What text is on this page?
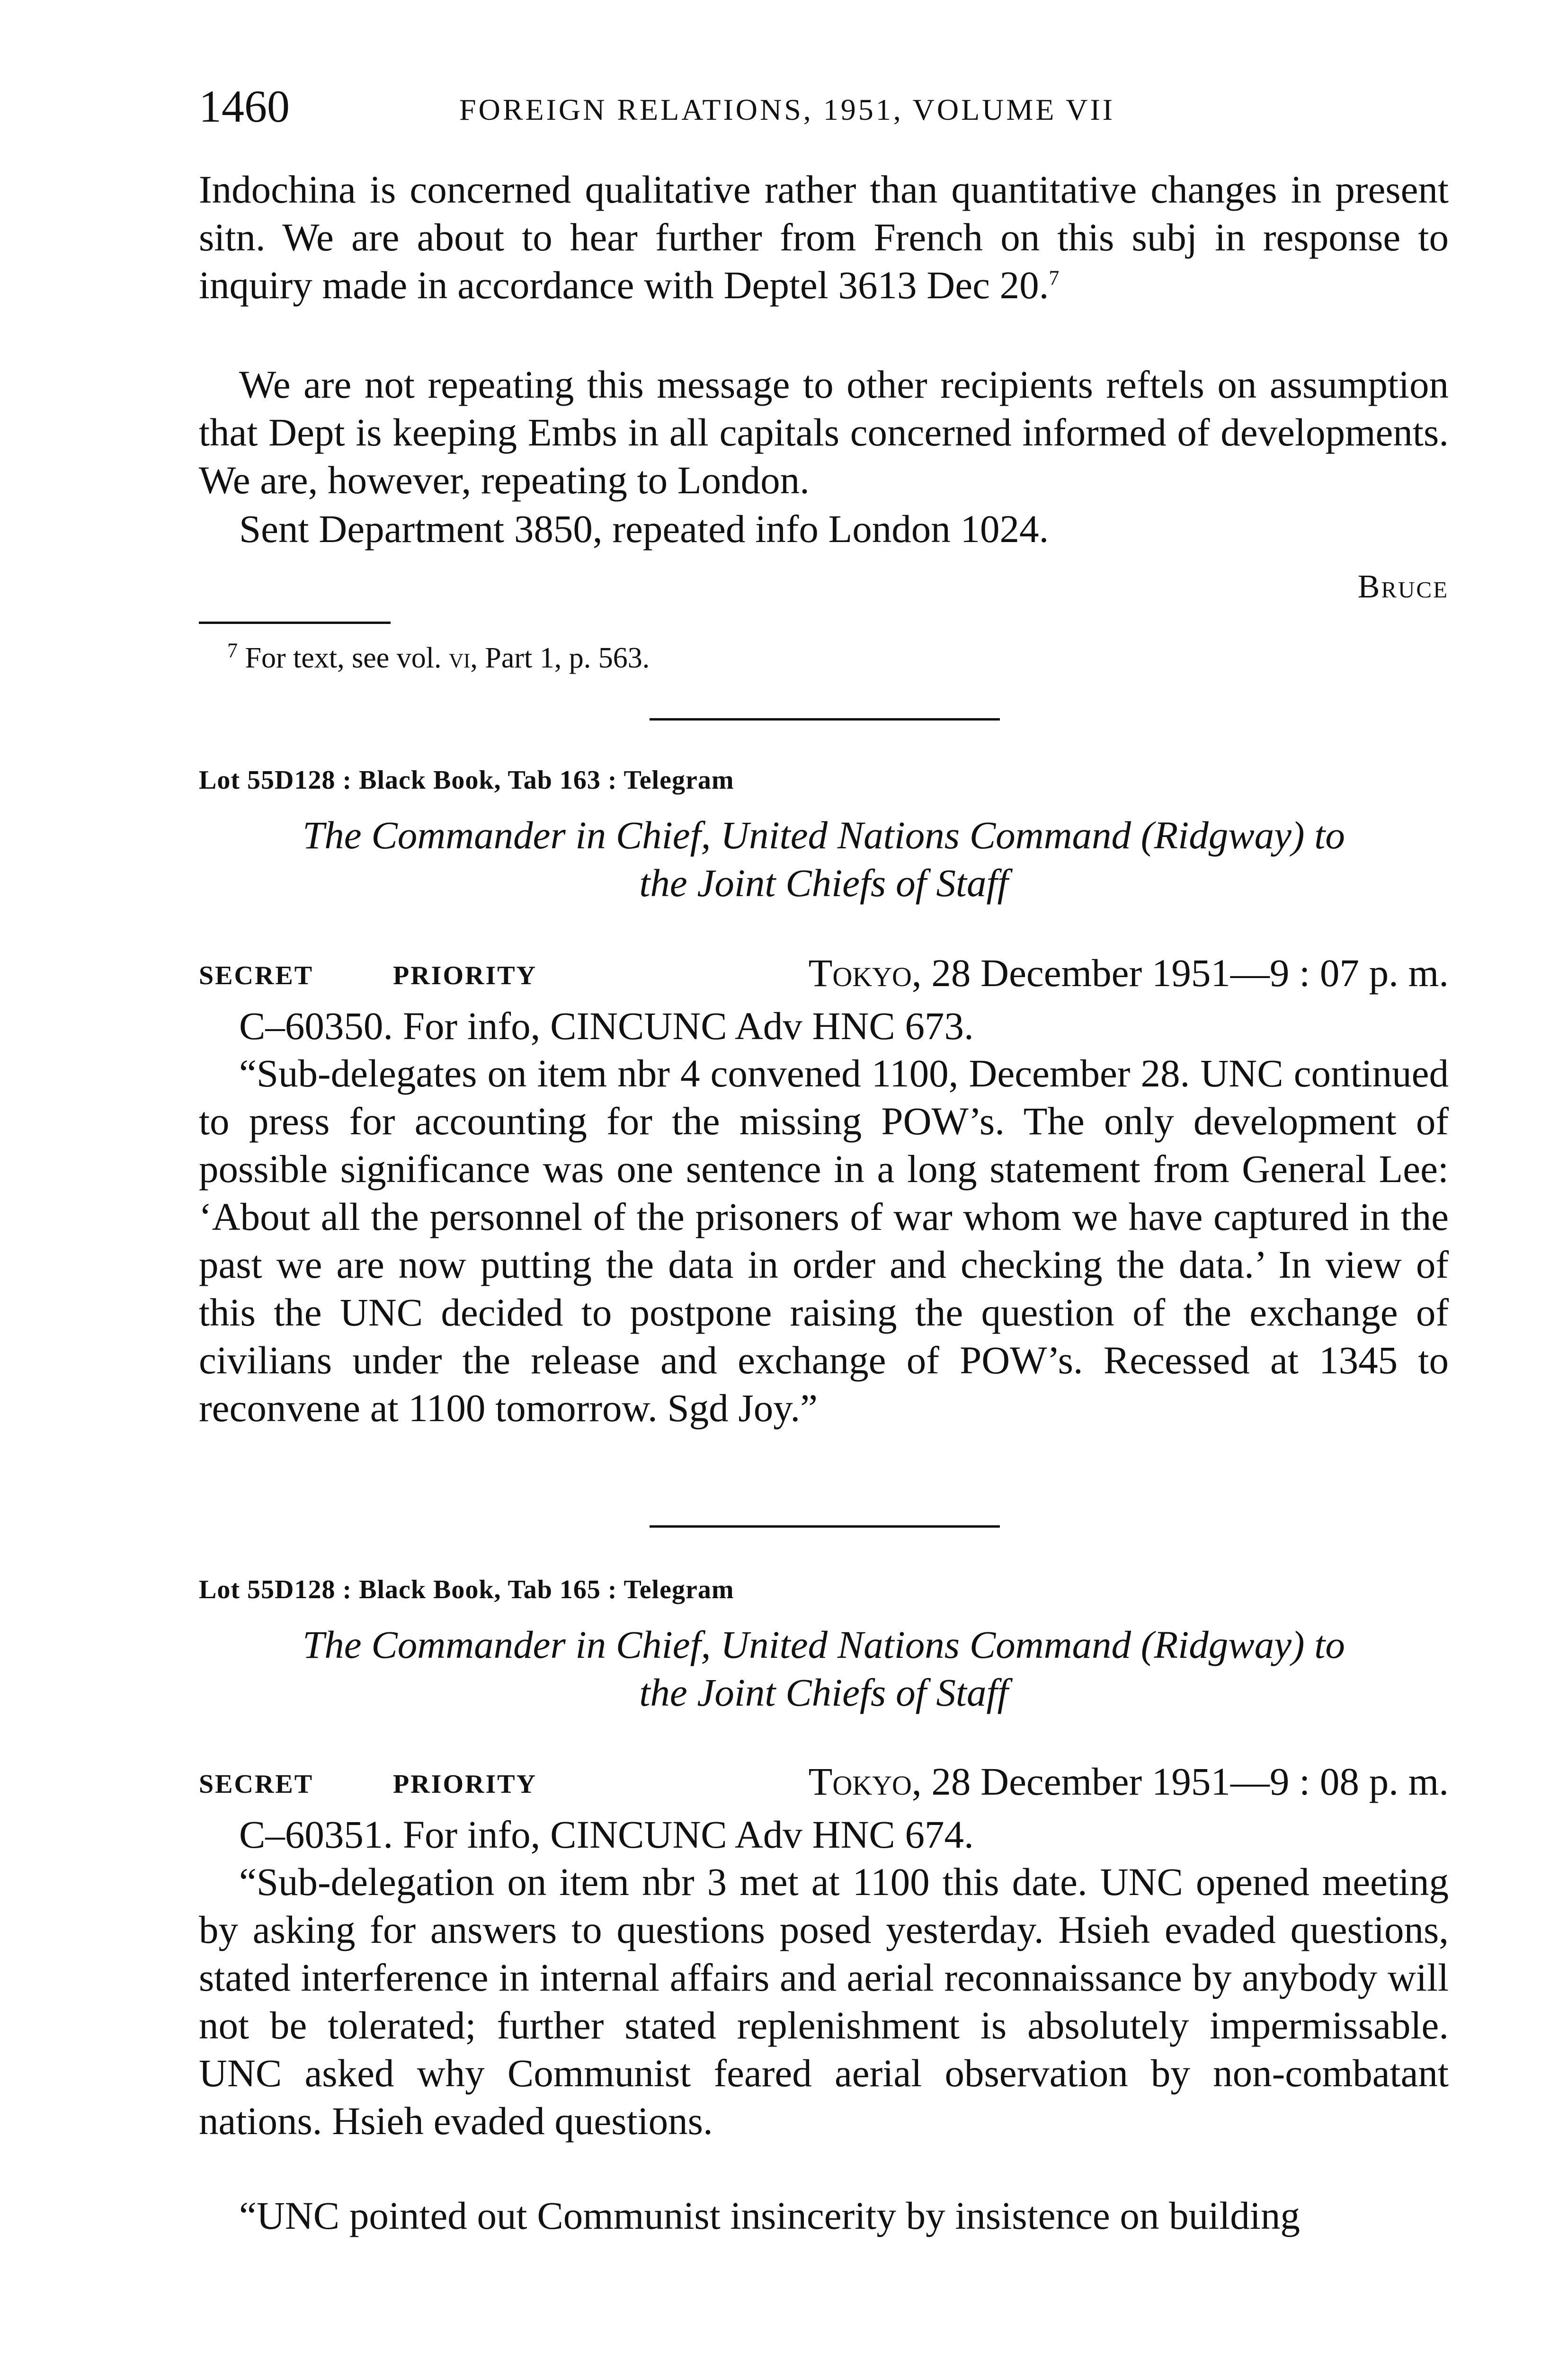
1460	FOREIGN RELATIONS, 1951, VOLUME VII

Indochina is concerned qualitative rather than quantitative changes in present sitn. We are about to hear further from French on this subj in response to inquiry made in accordance with Deptel 3613 Dec 20.$^7$

We are not repeating this message to other recipients reftels on assumption that Dept is keeping Embs in all capitals concerned informed of developments. We are, however, repeating to London.

Sent Department 3850, repeated info London 1024.

Bruce
$^7$ For text, see vol. vi, Part 1, p. 563.
Lot 55D128 : Black Book, Tab 163 : Telegram

The Commander in Chief, United Nations Command (Ridgway) to
the Joint Chiefs of Staff

SECRET	PRIORITY	Tokyo, 28 December 1951—9 : 07 p. m.

C–60350. For info, CINCUNC Adv HNC 673.

“Sub-delegates on item nbr 4 convened 1100, December 28. UNC continued to press for accounting for the missing POW’s. The only development of possible significance was one sentence in a long statement from General Lee: ‘About all the personnel of the prisoners of war whom we have captured in the past we are now putting the data in order and checking the data.’ In view of this the UNC decided to postpone raising the question of the exchange of civilians under the release and exchange of POW’s. Recessed at 1345 to reconvene at 1100 tomorrow. Sgd Joy.”

Lot 55D128 : Black Book, Tab 165 : Telegram

The Commander in Chief, United Nations Command (Ridgway) to
the Joint Chiefs of Staff

SECRET	PRIORITY	Tokyo, 28 December 1951—9 : 08 p. m.

C–60351. For info, CINCUNC Adv HNC 674.

“Sub-delegation on item nbr 3 met at 1100 this date. UNC opened meeting by asking for answers to questions posed yesterday. Hsieh evaded questions, stated interference in internal affairs and aerial reconnaissance by anybody will not be tolerated; further stated replenishment is absolutely impermissable. UNC asked why Communist feared aerial observation by non-combatant nations. Hsieh evaded questions.

“UNC pointed out Communist insincerity by insistence on building
